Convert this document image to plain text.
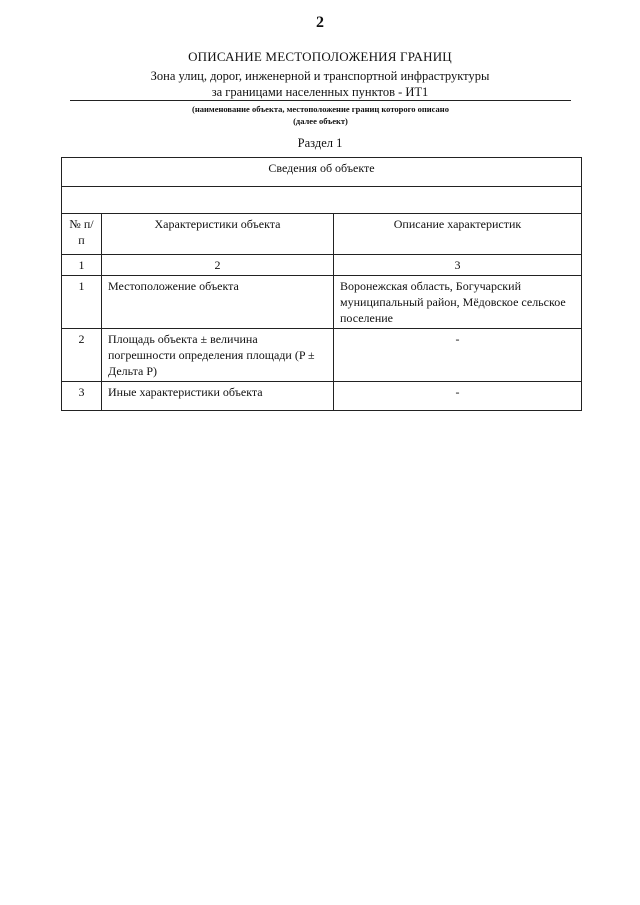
2
ОПИСАНИЕ МЕСТОПОЛОЖЕНИЯ ГРАНИЦ
Зона улиц, дорог, инженерной и транспортной инфраструктуры
за границами населенных пунктов - ИТ1
(наименование объекта, местоположение границ которого описано
(далее объект)
Раздел 1
Сведения об объекте		

№ п/п	Характеристики объекта	Описание характеристик
1	2	3
1	Местоположение объекта	Воронежская область, Богучарский муниципальный район, Мёдовское сельское поселение
2	Площадь объекта ± величина погрешности определения площади (P ± Дельта P)	-
3	Иные характеристики объекта	-
